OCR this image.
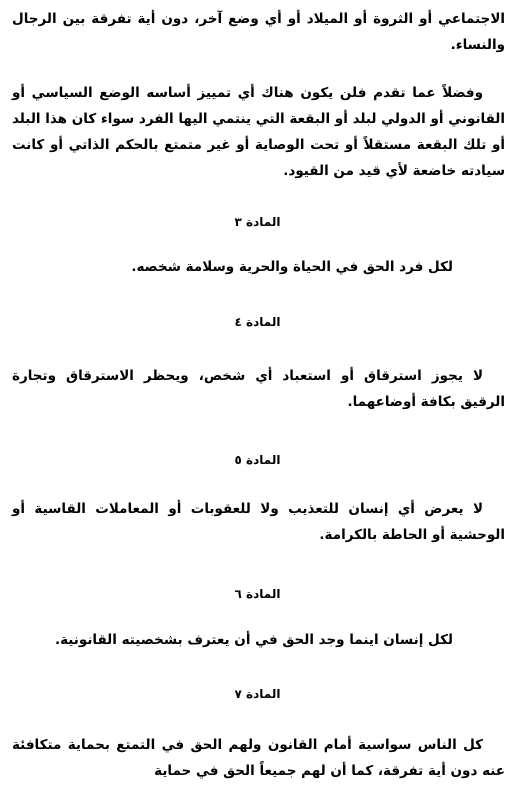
الاجتماعي أو الثروة أو الميلاد أو أي وضع آخر، دون أية تفرقة بين الرجال والنساء.

وفضلاً عما تقدم فلن يكون هناك أي تمييز أساسه الوضع السياسي أو القانوني أو الدولي لبلد أو البقعة التي ينتمي اليها الفرد سواء كان هذا البلد أو تلك البقعة مستقلاً أو تحت الوصاية أو غير متمتع بالحكم الذاتي أو كانت سيادته خاضعة لأي قيد من القيود.

المادة ٣

لكل فرد الحق في الحياة والحرية وسلامة شخصه.

المادة ٤

لا يجوز استرقاق أو استعباد أي شخص، ويحظر الاسترقاق وتجارة الرقيق بكافة أوضاعهما.

المادة ٥

لا يعرض أي إنسان للتعذيب ولا للعقوبات أو المعاملات القاسية أو الوحشية أو الحاطة بالكرامة.

المادة ٦

لكل إنسان اينما وجد الحق في أن يعترف بشخصيته القانونية.

المادة ٧

كل الناس سواسية أمام القانون ولهم الحق في التمتع بحماية متكافئة عنه دون أية تفرقة، كما أن لهم جميعاً الحق في حماية
